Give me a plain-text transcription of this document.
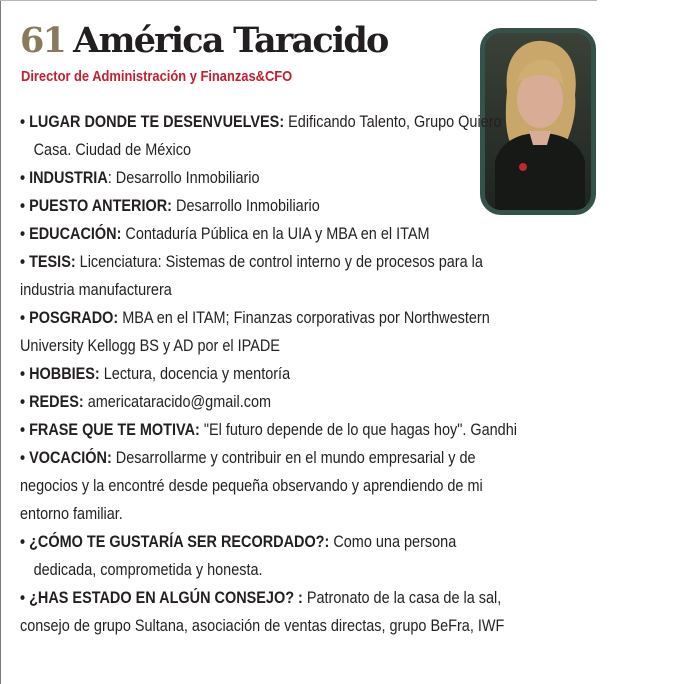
61 América Taracido
Director de Administración y Finanzas&CFO

• LUGAR DONDE TE DESENVUELVES: Edificando Talento, Grupo Quiero Casa. Ciudad de México

• INDUSTRIA: Desarrollo Inmobiliario

• PUESTO ANTERIOR: Desarrollo Inmobiliario

• EDUCACIÓN: Contaduría Pública en la UIA y MBA en el ITAM

• TESIS: Licenciatura: Sistemas de control interno y de procesos para la industria manufacturera

• POSGRADO: MBA en el ITAM; Finanzas corporativas por Northwestern University Kellogg BS y AD por el IPADE

• HOBBIES: Lectura, docencia y mentoría

• REDES: americataracido@gmail.com

• FRASE QUE TE MOTIVA: "El futuro depende de lo que hagas hoy". Gandhi

• VOCACIÓN: Desarrollarme y contribuir en el mundo empresarial y de negocios y la encontré desde pequeña observando y aprendiendo de mi entorno familiar.

• ¿CÓMO TE GUSTARÍA SER RECORDADO?: Como una persona dedicada, comprometida y honesta.

• ¿HAS ESTADO EN ALGÚN CONSEJO? : Patronato de la casa de la sal, consejo de grupo Sultana, asociación de ventas directas, grupo BeFra, IWF
